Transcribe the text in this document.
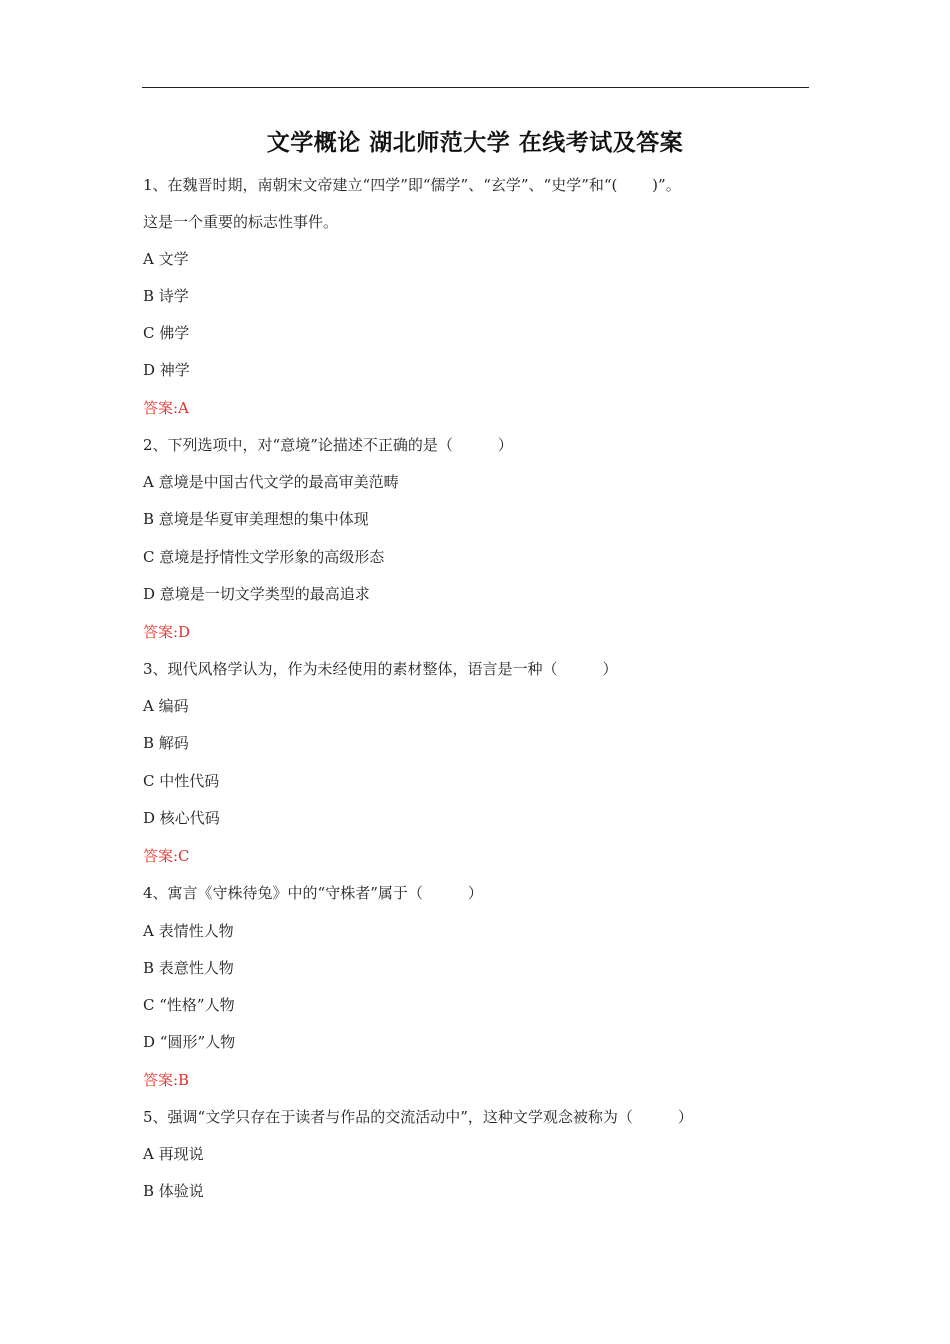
文学概论 湖北师范大学 在线考试及答案
1、在魏晋时期，南朝宋文帝建立“四学”即“儒学”、“玄学”、“史学”和“(　　 )”。
这是一个重要的标志性事件。
A 文学
B 诗学
C 佛学
D 神学
答案:A
2、下列选项中，对“意境”论描述不正确的是（　　　）
A 意境是中国古代文学的最高审美范畴
B 意境是华夏审美理想的集中体现
C 意境是抒情性文学形象的高级形态
D 意境是一切文学类型的最高追求
答案:D
3、现代风格学认为，作为未经使用的素材整体，语言是一种（　　　）
A 编码
B 解码
C 中性代码
D 核心代码
答案:C
4、寓言《守株待兔》中的“守株者”属于（　　　）
A 表情性人物
B 表意性人物
C “性格”人物
D “圆形”人物
答案:B
5、强调“文学只存在于读者与作品的交流活动中”，这种文学观念被称为（　　　）
A 再现说
B 体验说
